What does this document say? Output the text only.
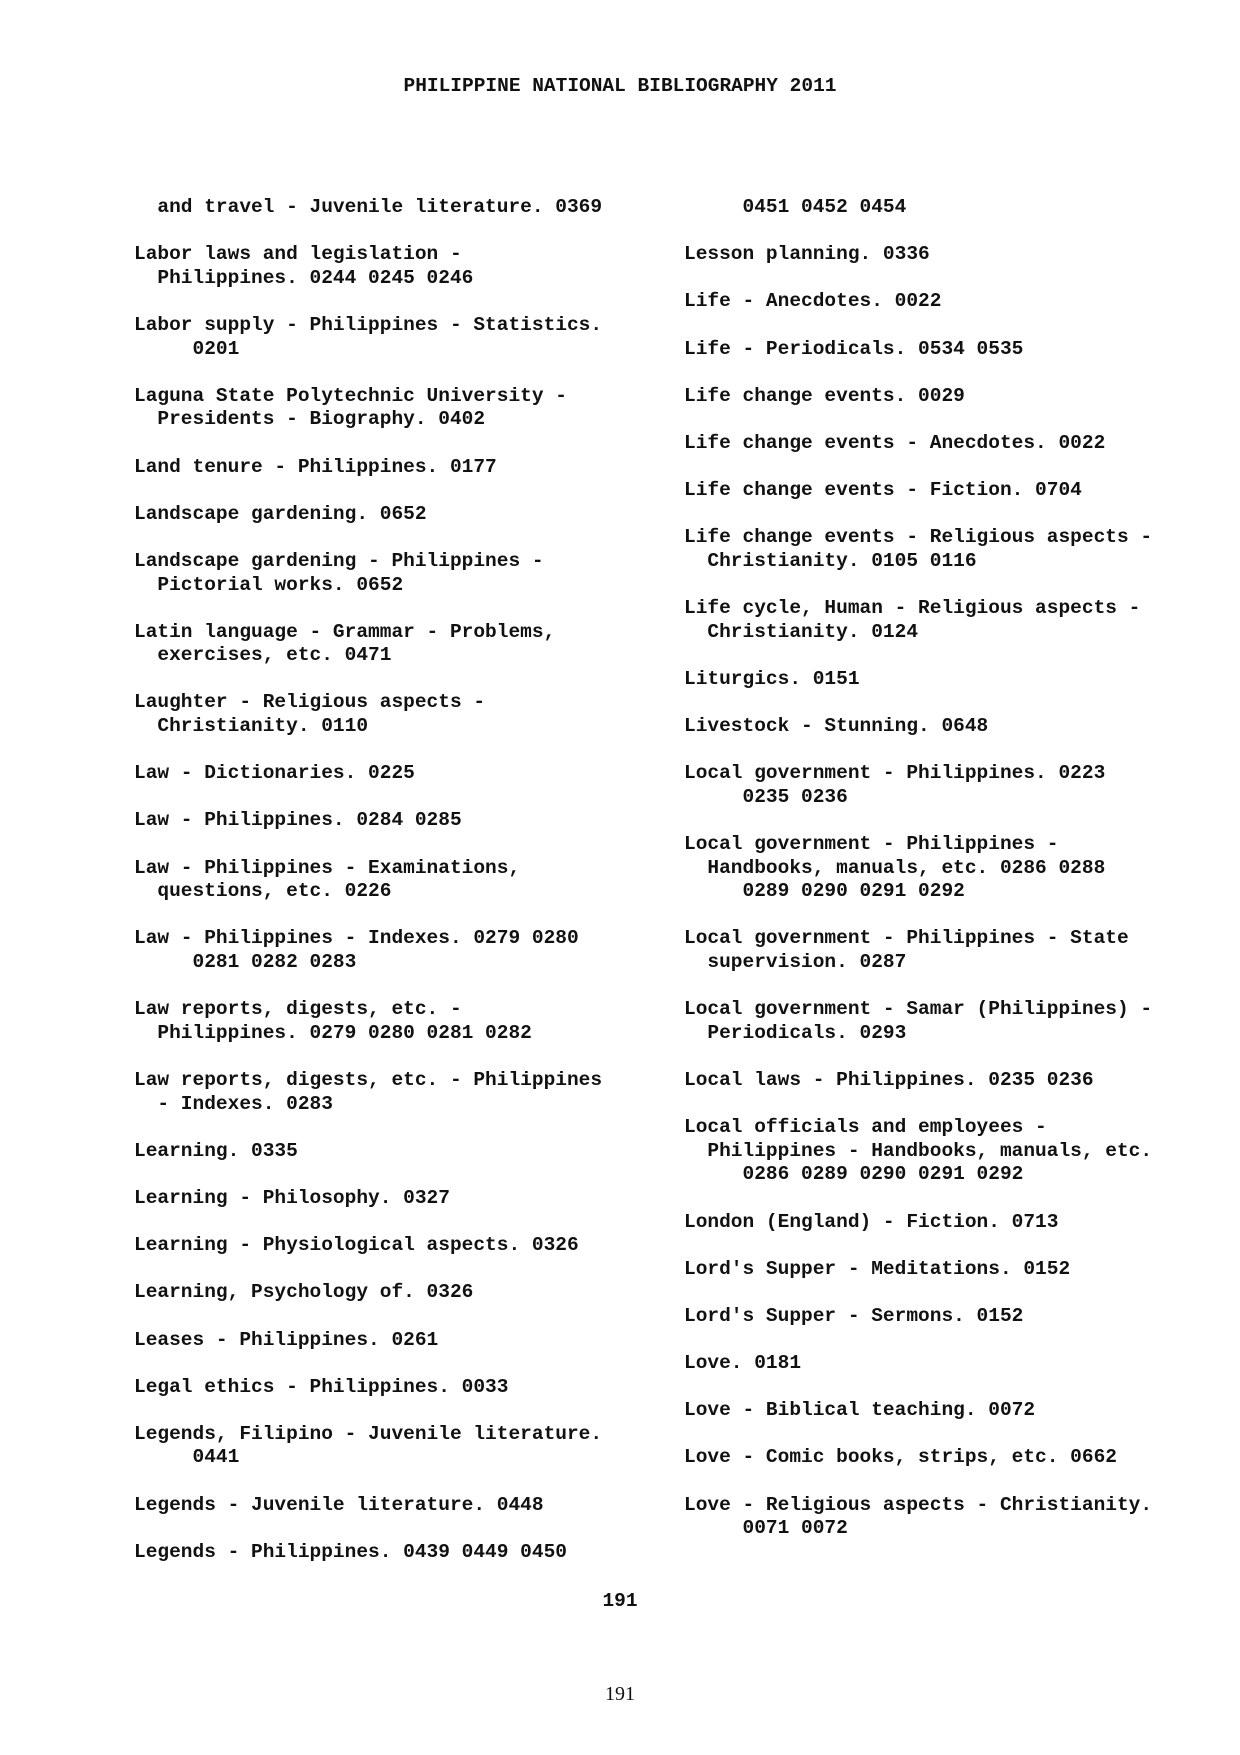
PHILIPPINE NATIONAL BIBLIOGRAPHY 2011
and travel - Juvenile literature. 0369
Labor laws and legislation -
Philippines. 0244 0245 0246
Labor supply - Philippines - Statistics.
0201
Laguna State Polytechnic University -
Presidents - Biography. 0402
Land tenure - Philippines. 0177
Landscape gardening. 0652
Landscape gardening - Philippines -
Pictorial works. 0652
Latin language - Grammar - Problems,
exercises, etc. 0471
Laughter - Religious aspects -
Christianity. 0110
Law - Dictionaries. 0225
Law - Philippines. 0284 0285
Law - Philippines - Examinations,
questions, etc. 0226
Law - Philippines - Indexes. 0279 0280
0281 0282 0283
Law reports, digests, etc. -
Philippines. 0279 0280 0281 0282
Law reports, digests, etc. - Philippines
- Indexes. 0283
Learning. 0335
Learning - Philosophy. 0327
Learning - Physiological aspects. 0326
Learning, Psychology of. 0326
Leases - Philippines. 0261
Legal ethics - Philippines. 0033
Legends, Filipino - Juvenile literature.
0441
Legends - Juvenile literature. 0448
Legends - Philippines. 0439 0449 0450
0451 0452 0454
Lesson planning. 0336
Life - Anecdotes. 0022
Life - Periodicals. 0534 0535
Life change events. 0029
Life change events - Anecdotes. 0022
Life change events - Fiction. 0704
Life change events - Religious aspects -
Christianity. 0105 0116
Life cycle, Human - Religious aspects -
Christianity. 0124
Liturgics. 0151
Livestock - Stunning. 0648
Local government - Philippines. 0223
0235 0236
Local government - Philippines -
Handbooks, manuals, etc. 0286 0288
0289 0290 0291 0292
Local government - Philippines - State
supervision. 0287
Local government - Samar (Philippines) -
Periodicals. 0293
Local laws - Philippines. 0235 0236
Local officials and employees -
Philippines - Handbooks, manuals, etc.
0286 0289 0290 0291 0292
London (England) - Fiction. 0713
Lord's Supper - Meditations. 0152
Lord's Supper - Sermons. 0152
Love. 0181
Love - Biblical teaching. 0072
Love - Comic books, strips, etc. 0662
Love - Religious aspects - Christianity.
0071 0072
191
191
